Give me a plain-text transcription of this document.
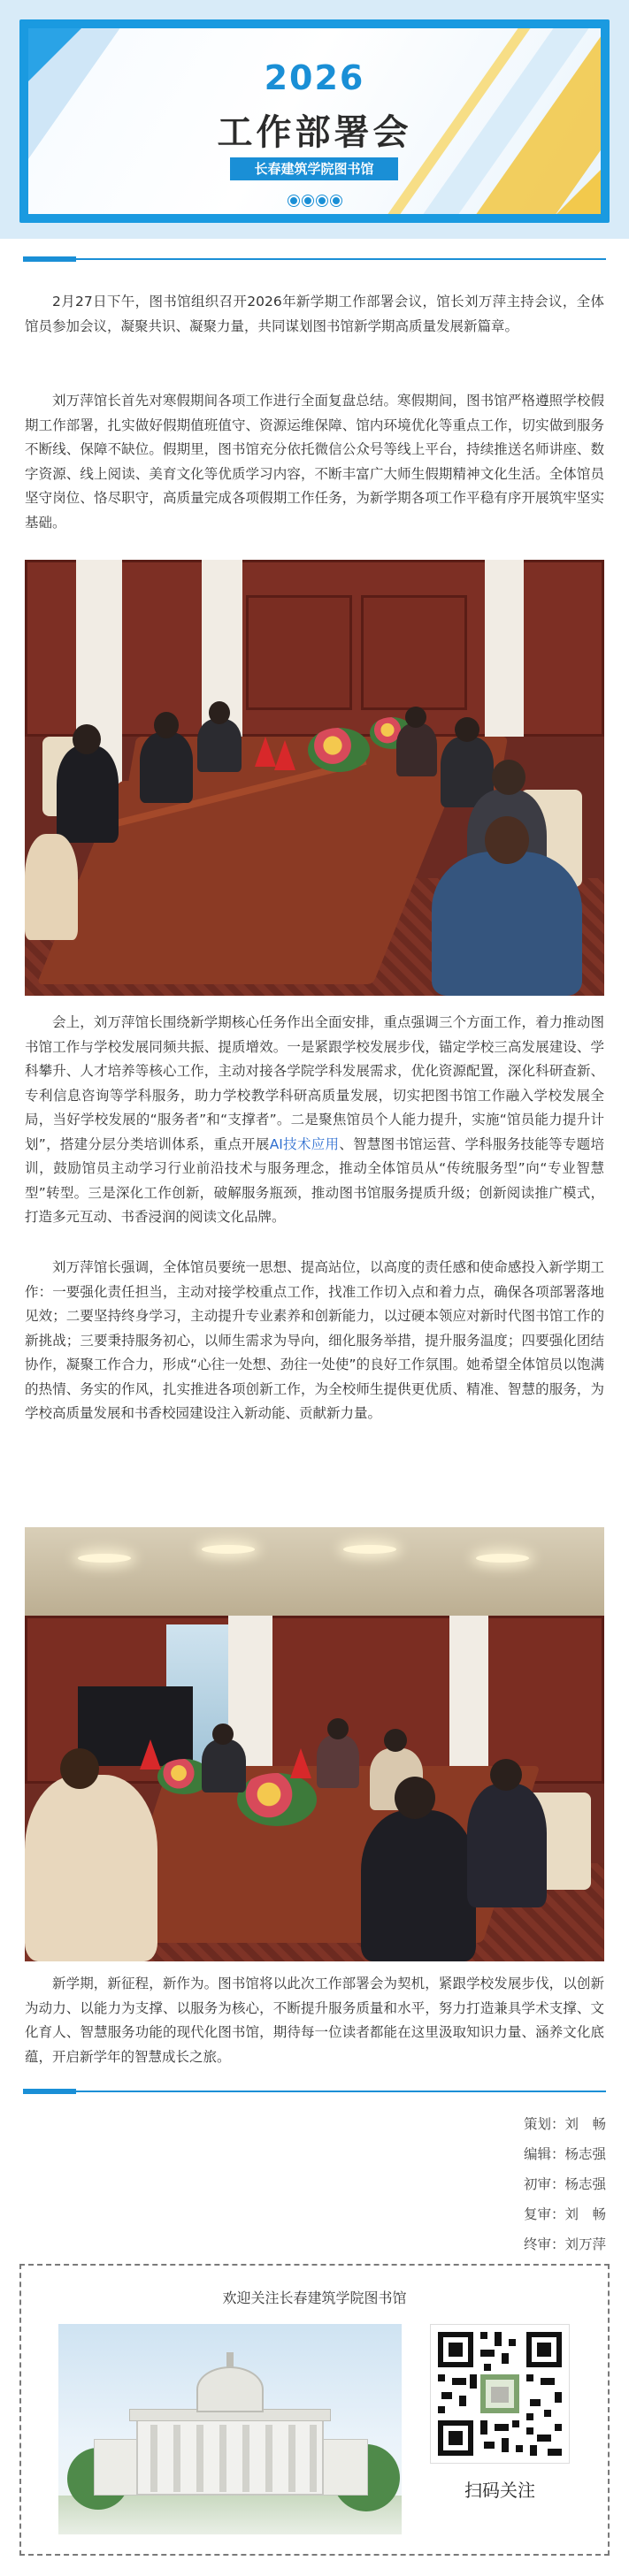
2026
工作部署会
长春建筑学院图书馆

2月27日下午，图书馆组织召开2026年新学期工作部署会议，馆长刘万萍主持会议，全体馆员参加会议，凝聚共识、凝聚力量，共同谋划图书馆新学期高质量发展新篇章。

刘万萍馆长首先对寒假期间各项工作进行全面复盘总结。寒假期间，图书馆严格遵照学校假期工作部署，扎实做好假期值班值守、资源运维保障、馆内环境优化等重点工作，切实做到服务不断线、保障不缺位。假期里，图书馆充分依托微信公众号等线上平台，持续推送名师讲座、数字资源、线上阅读、美育文化等优质学习内容，不断丰富广大师生假期精神文化生活。全体馆员坚守岗位、恪尽职守，高质量完成各项假期工作任务，为新学期各项工作平稳有序开展筑牢坚实基础。

会上，刘万萍馆长围绕新学期核心任务作出全面安排，重点强调三个方面工作，着力推动图书馆工作与学校发展同频共振、提质增效。一是紧跟学校发展步伐，锚定学校三高发展建设、学科攀升、人才培养等核心工作，主动对接各学院学科发展需求，优化资源配置，深化科研查新、专利信息咨询等学科服务，助力学校教学科研高质量发展，切实把图书馆工作融入学校发展全局，当好学校发展的“服务者”和“支撑者”。二是聚焦馆员个人能力提升，实施“馆员能力提升计划”，搭建分层分类培训体系，重点开展AI技术应用、智慧图书馆运营、学科服务技能等专题培训，鼓励馆员主动学习行业前沿技术与服务理念，推动全体馆员从“传统服务型”向“专业智慧型”转型。三是深化工作创新，破解服务瓶颈，推动图书馆服务提质升级；创新阅读推广模式，打造多元互动、书香浸润的阅读文化品牌。

刘万萍馆长强调，全体馆员要统一思想、提高站位，以高度的责任感和使命感投入新学期工作：一要强化责任担当，主动对接学校重点工作，找准工作切入点和着力点，确保各项部署落地见效；二要坚持终身学习，主动提升专业素养和创新能力，以过硬本领应对新时代图书馆工作的新挑战；三要秉持服务初心，以师生需求为导向，细化服务举措，提升服务温度；四要强化团结协作，凝聚工作合力，形成“心往一处想、劲往一处使”的良好工作氛围。她希望全体馆员以饱满的热情、务实的作风，扎实推进各项创新工作，为全校师生提供更优质、精准、智慧的服务，为学校高质量发展和书香校园建设注入新动能、贡献新力量。

新学期，新征程，新作为。图书馆将以此次工作部署会为契机，紧跟学校发展步伐，以创新为动力、以能力为支撑、以服务为核心，不断提升服务质量和水平，努力打造兼具学术支撑、文化育人、智慧服务功能的现代化图书馆，期待每一位读者都能在这里汲取知识力量、涵养文化底蕴，开启新学年的智慧成长之旅。

策划：刘　畅
编辑：杨志强
初审：杨志强
复审：刘　畅
终审：刘万萍
欢迎关注长春建筑学院图书馆
扫码关注
